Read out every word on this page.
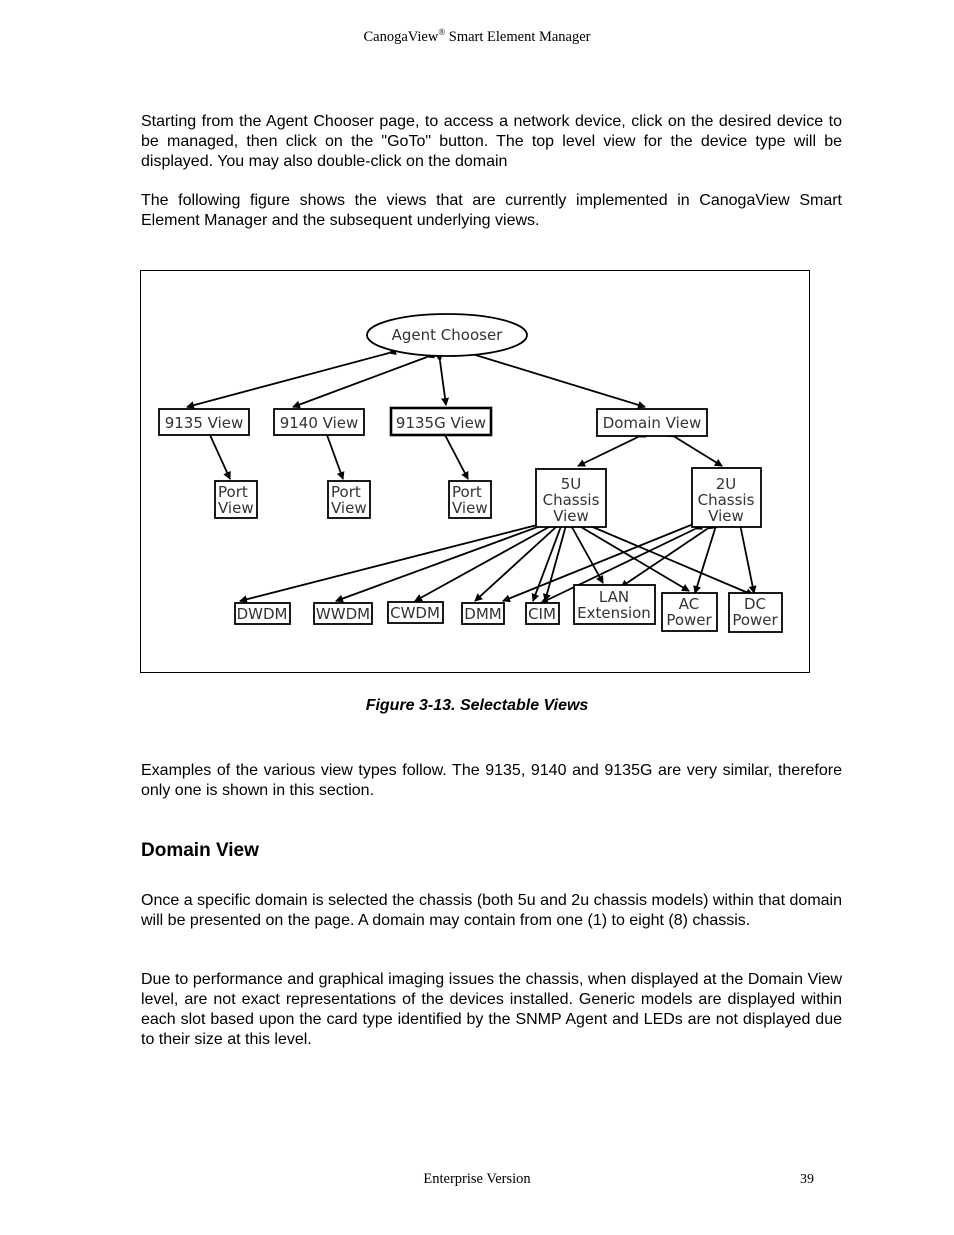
CanogaView® Smart Element Manager

Starting from the Agent Chooser page, to access a network device, click on the desired device to be managed, then click on the "GoTo" button. The top level view for the device type will be displayed. You may also double-click on the domain

The following figure shows the views that are currently implemented in CanogaView Smart Element Manager and the subsequent underlying views.

Agent Chooser
9135 View 9140 View	9135G View	Domain View
Port
View
Port
View
Port
View
5U
Chassis
View
2U
Chassis
View
DWDM WWDM CWDM DMM CIM
LAN
Extension AC
Power
DC
Power
Figure 3-13. Selectable Views

Examples of the various view types follow. The 9135, 9140 and 9135G are very similar, therefore only one is shown in this section.

Domain View

Once a specific domain is selected the chassis (both 5u and 2u chassis models) within that domain will be presented on the page. A domain may contain from one (1) to eight (8) chassis.

Due to performance and graphical imaging issues the chassis, when displayed at the Domain View level, are not exact representations of the devices installed. Generic models are displayed within each slot based upon the card type identified by the SNMP Agent and LEDs are not displayed due to their size at this level.

Enterprise Version	39
